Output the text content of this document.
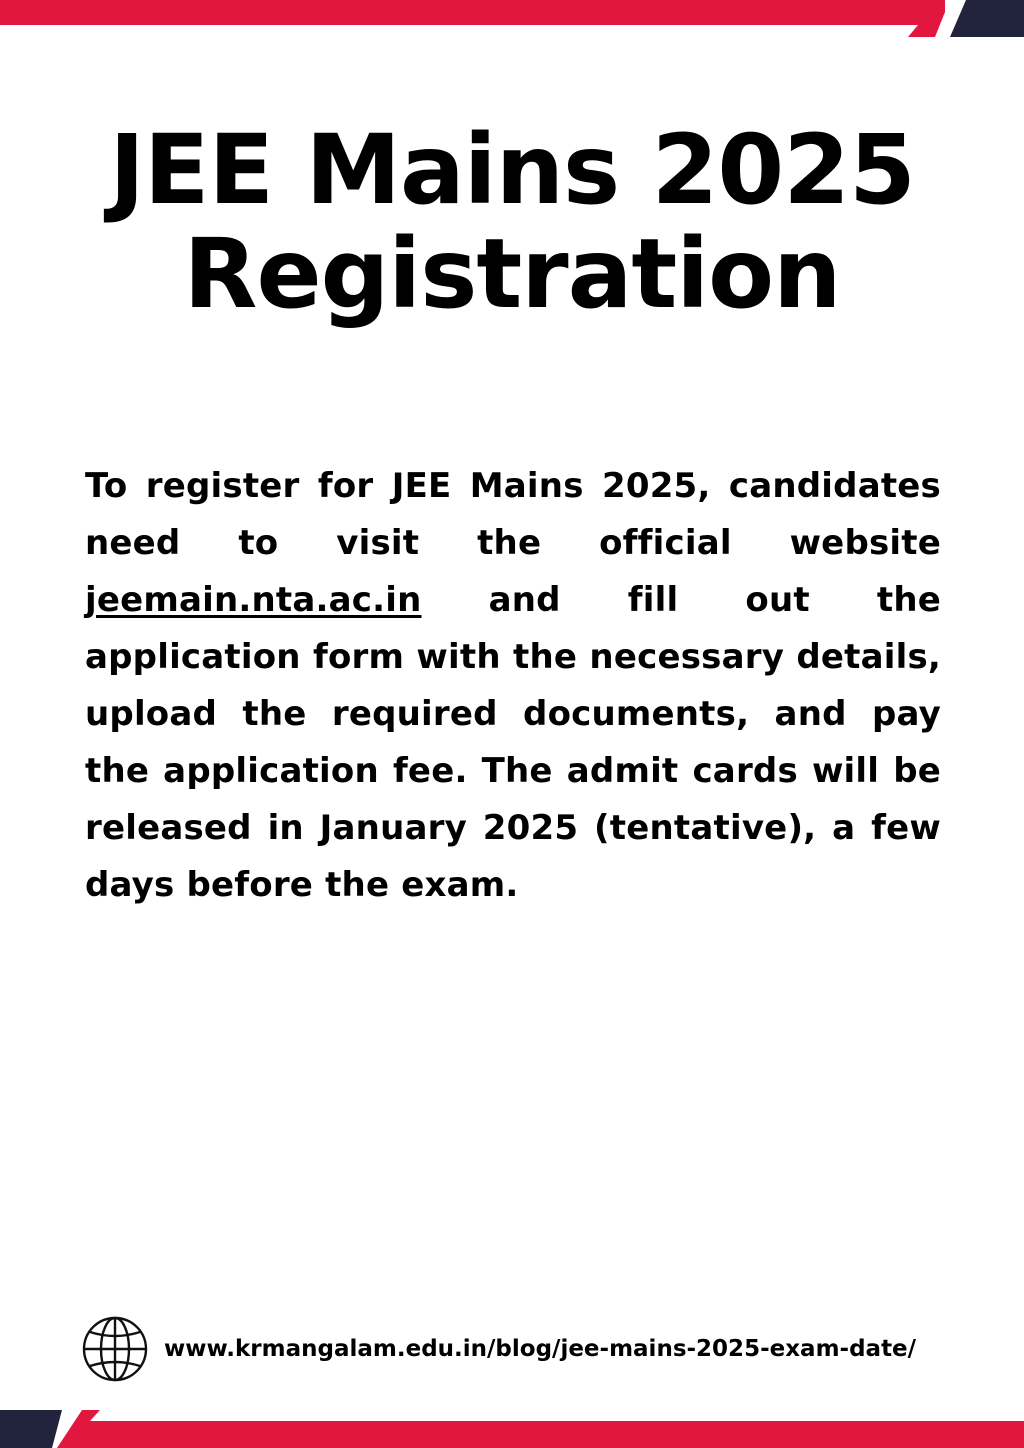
JEE Mains 2025
Registration

To register for JEE Mains 2025, candidates need to visit the official website jeemain.nta.ac.in and fill out the application form with the necessary details, upload the required documents, and pay the application fee. The admit cards will be released in January 2025 (tentative), a few days before the exam.

www.krmangalam.edu.in/blog/jee-mains-2025-exam-date/
